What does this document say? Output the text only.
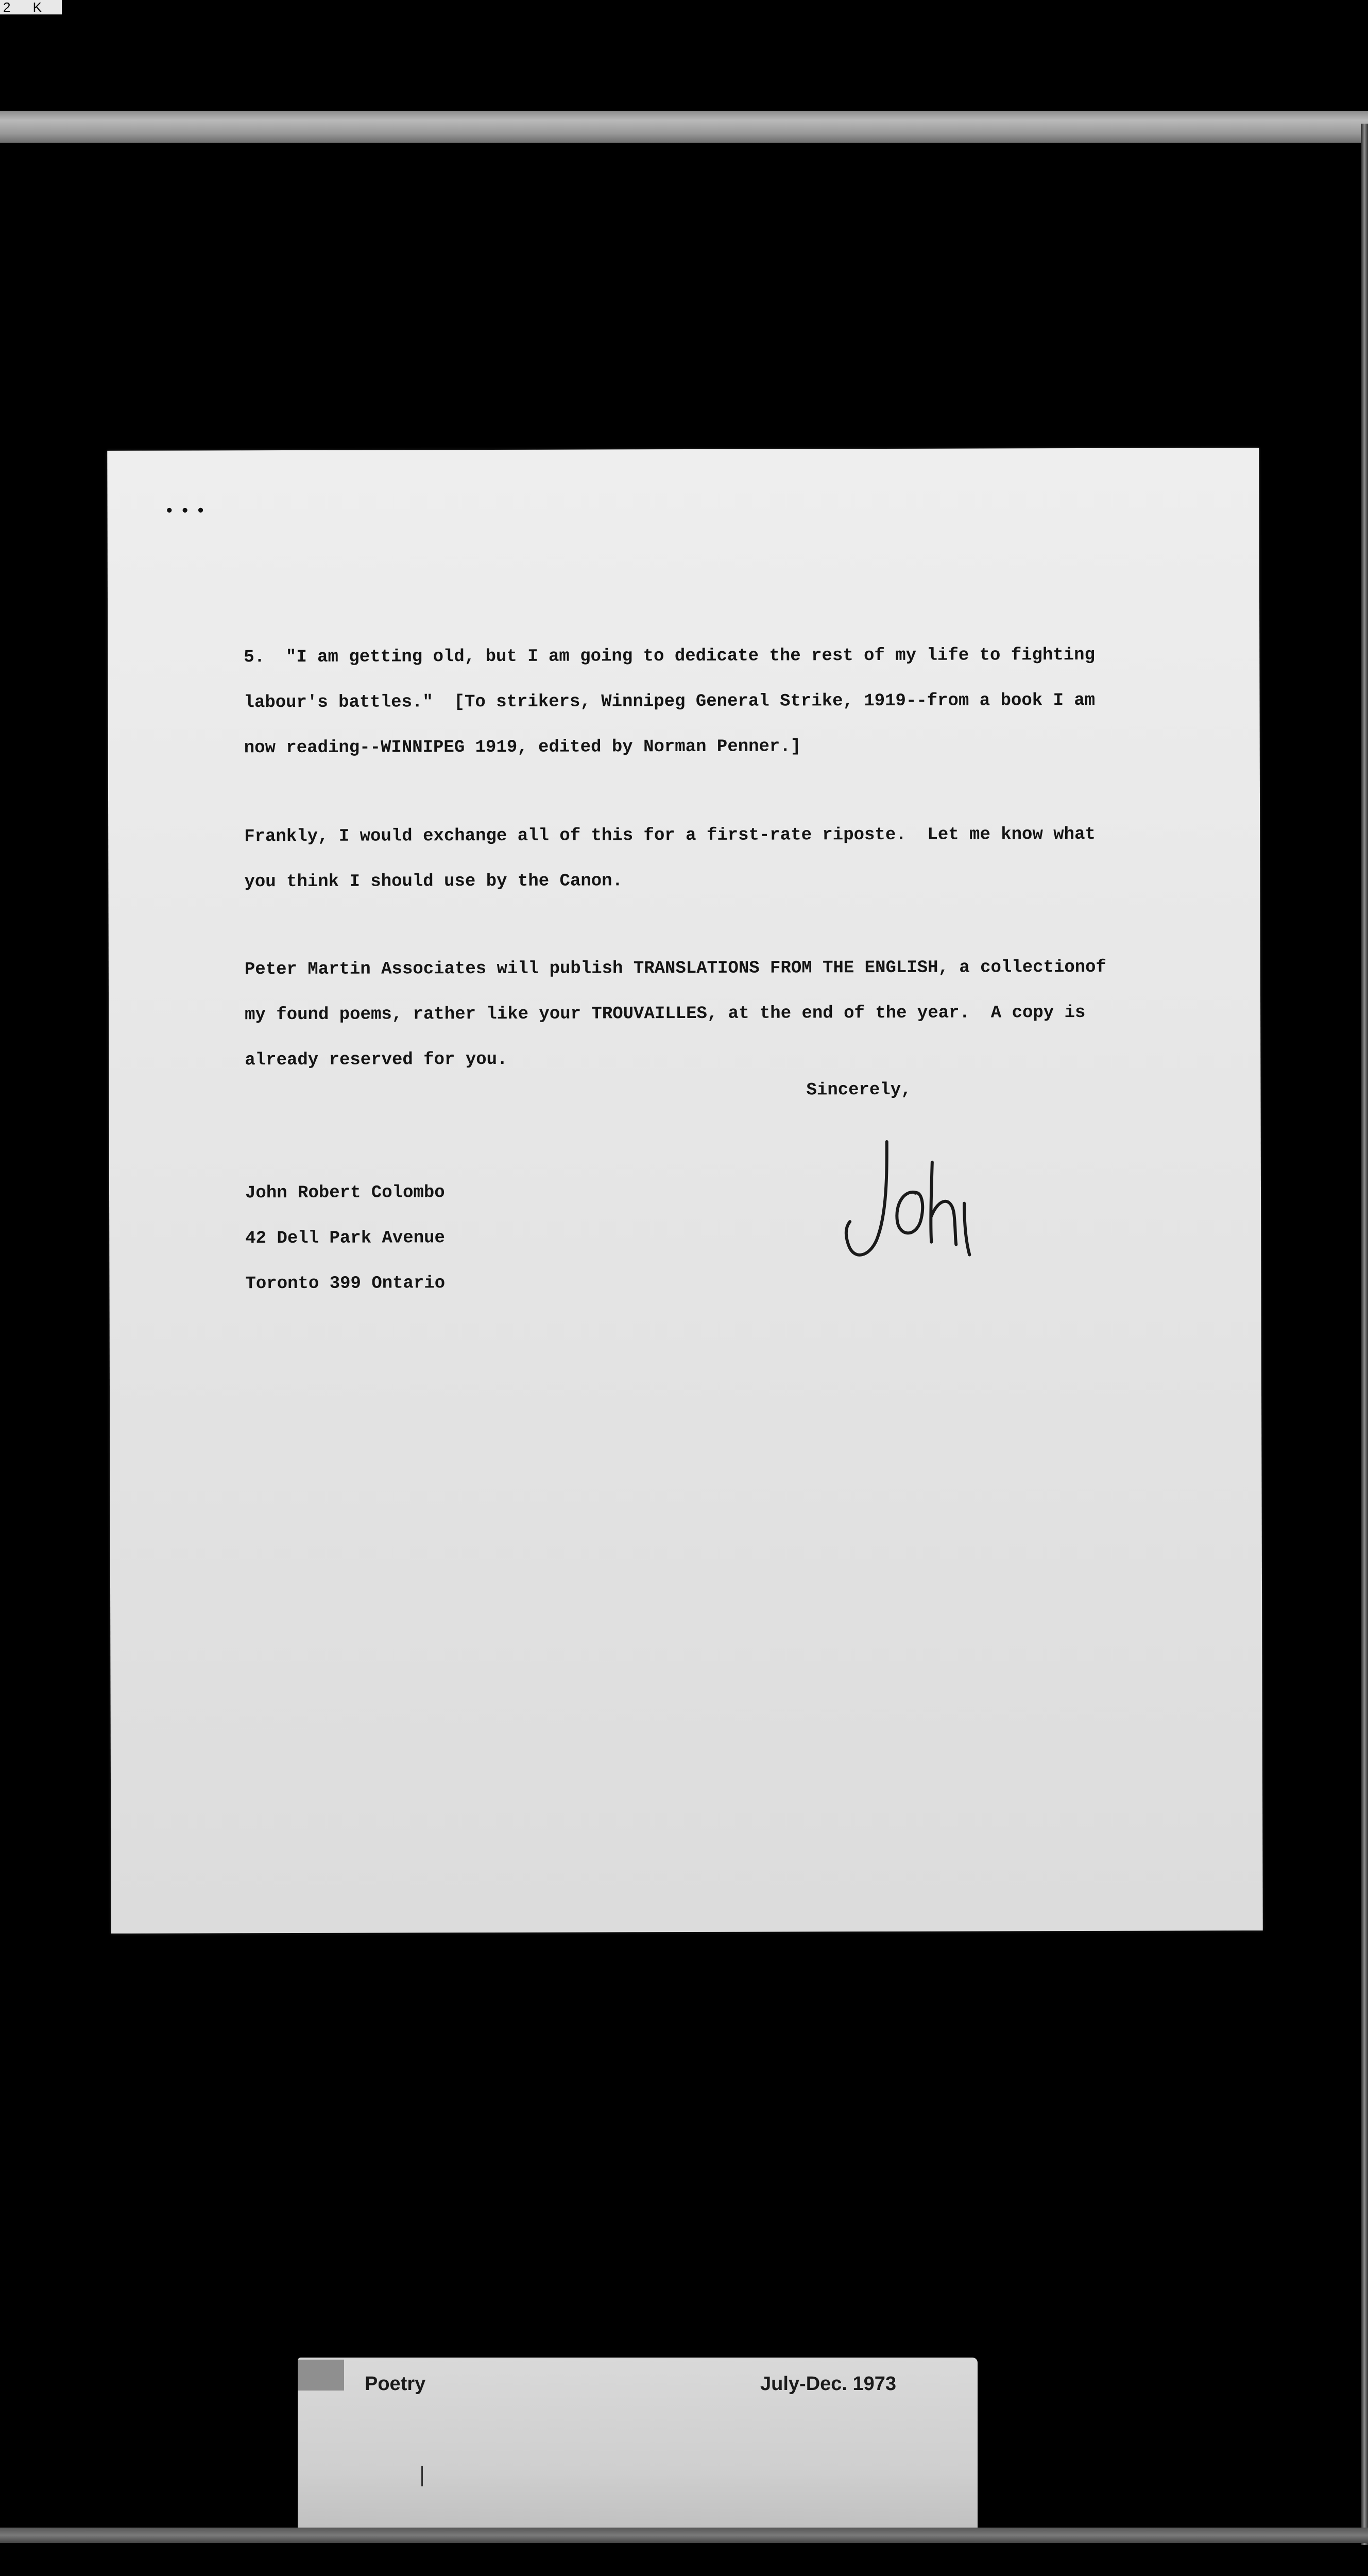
2 K
•••
5.  "I am getting old, but I am going to dedicate the rest of my life to fighting
labour's battles."  [To strikers, Winnipeg General Strike, 1919--from a book I am
now reading--WINNIPEG 1919, edited by Norman Penner.]
Frankly, I would exchange all of this for a first-rate riposte.  Let me know what
you think I should use by the Canon.
Peter Martin Associates will publish TRANSLATIONS FROM THE ENGLISH, a collectionof
my found poems, rather like your TROUVAILLES, at the end of the year.  A copy is
already reserved for you.
Sincerely,
John Robert Colombo
42 Dell Park Avenue
Toronto 399 Ontario
Poetry	July-Dec. 1973
